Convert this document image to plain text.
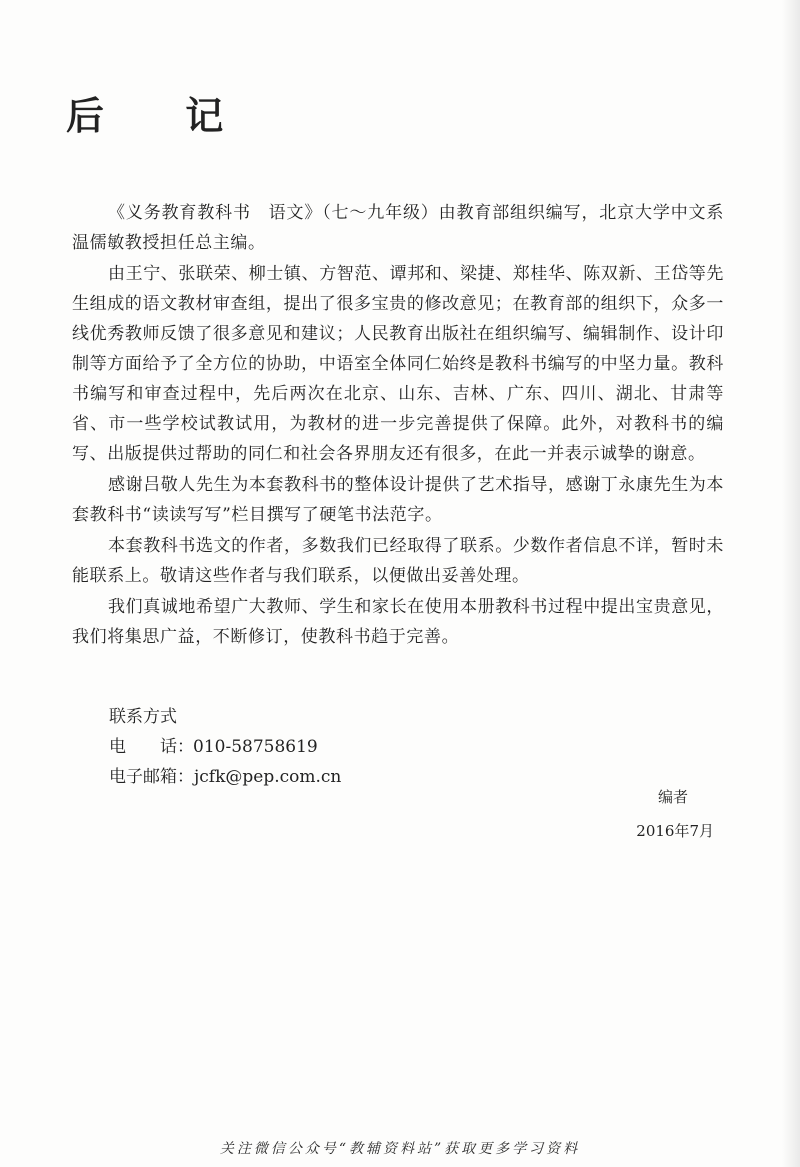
后 记

《义务教育教科书　语文》（七～九年级）由教育部组织编写，北京大学中文系温儒敏教授担任总主编。

由王宁、张联荣、柳士镇、方智范、谭邦和、梁捷、郑桂华、陈双新、王岱等先生组成的语文教材审查组，提出了很多宝贵的修改意见；在教育部的组织下，众多一线优秀教师反馈了很多意见和建议；人民教育出版社在组织编写、编辑制作、设计印制等方面给予了全方位的协助，中语室全体同仁始终是教科书编写的中坚力量。教科书编写和审查过程中，先后两次在北京、山东、吉林、广东、四川、湖北、甘肃等省、市一些学校试教试用，为教材的进一步完善提供了保障。此外，对教科书的编写、出版提供过帮助的同仁和社会各界朋友还有很多，在此一并表示诚挚的谢意。

感谢吕敬人先生为本套教科书的整体设计提供了艺术指导，感谢丁永康先生为本套教科书“读读写写”栏目撰写了硬笔书法范字。

本套教科书选文的作者，多数我们已经取得了联系。少数作者信息不详，暂时未能联系上。敬请这些作者与我们联系，以便做出妥善处理。

我们真诚地希望广大教师、学生和家长在使用本册教科书过程中提出宝贵意见，我们将集思广益，不断修订，使教科书趋于完善。

联系方式
电 话：010-58758619
电子邮箱：jcfk@pep.com.cn
编者
2016年7月
关注微信公众号“教辅资料站”获取更多学习资料
